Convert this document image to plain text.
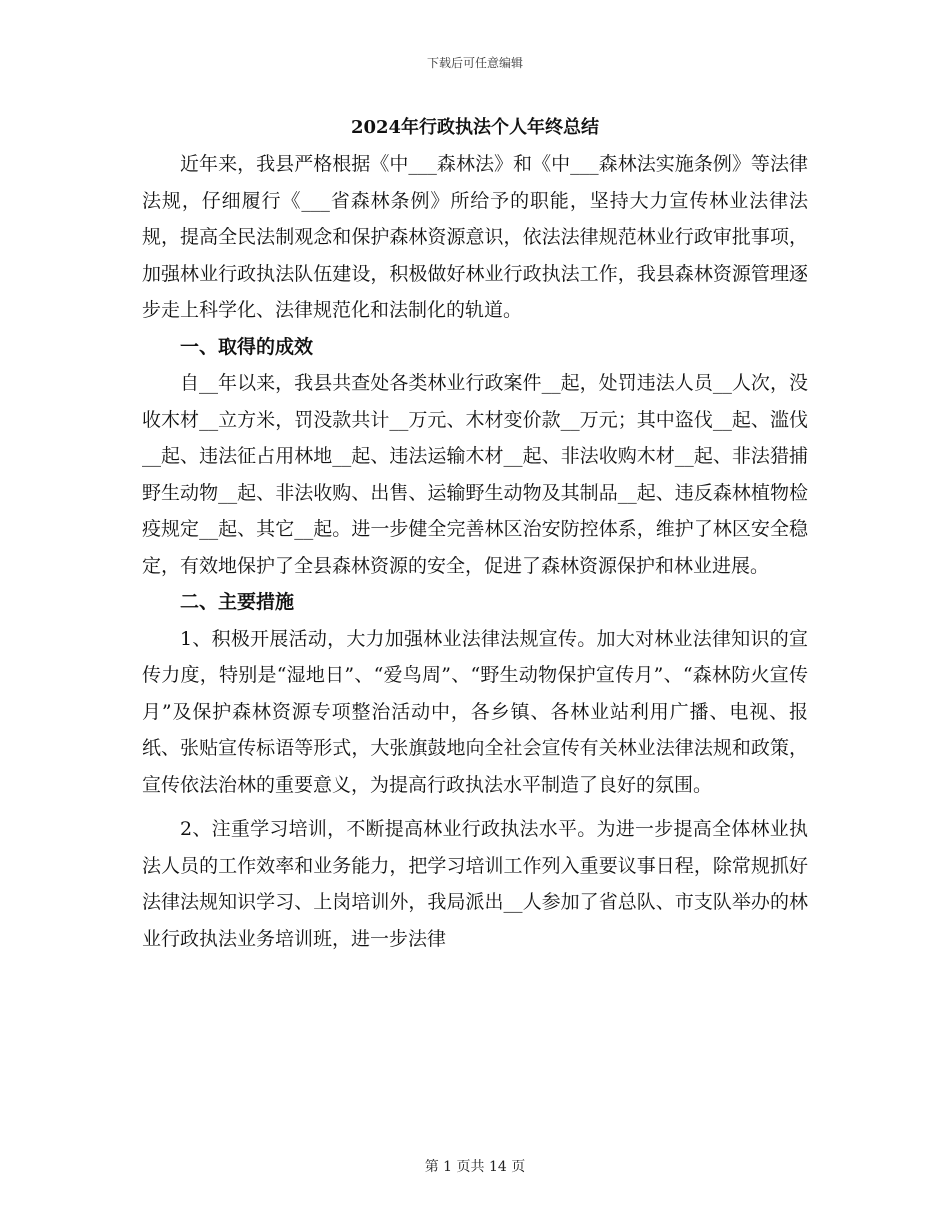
下载后可任意编辑
2024年行政执法个人年终总结

近年来，我县严格根据《中___森林法》和《中___森林法实施条例》等法律法规，仔细履行《___省森林条例》所给予的职能，坚持大力宣传林业法律法规，提高全民法制观念和保护森林资源意识，依法法律规范林业行政审批事项，加强林业行政执法队伍建设，积极做好林业行政执法工作，我县森林资源管理逐步走上科学化、法律规范化和法制化的轨道。

一、取得的成效

自__年以来，我县共查处各类林业行政案件__起，处罚违法人员__人次，没收木材__立方米，罚没款共计__万元、木材变价款__万元；其中盗伐__起、滥伐__起、违法征占用林地__起、违法运输木材__起、非法收购木材__起、非法猎捕野生动物__起、非法收购、出售、运输野生动物及其制品__起、违反森林植物检疫规定__起、其它__起。进一步健全完善林区治安防控体系，维护了林区安全稳定，有效地保护了全县森林资源的安全，促进了森林资源保护和林业进展。

二、主要措施

1、积极开展活动，大力加强林业法律法规宣传。加大对林业法律知识的宣传力度，特别是“湿地日”、“爱鸟周”、“野生动物保护宣传月”、“森林防火宣传月”及保护森林资源专项整治活动中，各乡镇、各林业站利用广播、电视、报纸、张贴宣传标语等形式，大张旗鼓地向全社会宣传有关林业法律法规和政策，宣传依法治林的重要意义，为提高行政执法水平制造了良好的氛围。

2、注重学习培训，不断提高林业行政执法水平。为进一步提高全体林业执法人员的工作效率和业务能力，把学习培训工作列入重要议事日程，除常规抓好法律法规知识学习、上岗培训外，我局派出__人参加了省总队、市支队举办的林业行政执法业务培训班，进一步法律

第 1 页共 14 页
